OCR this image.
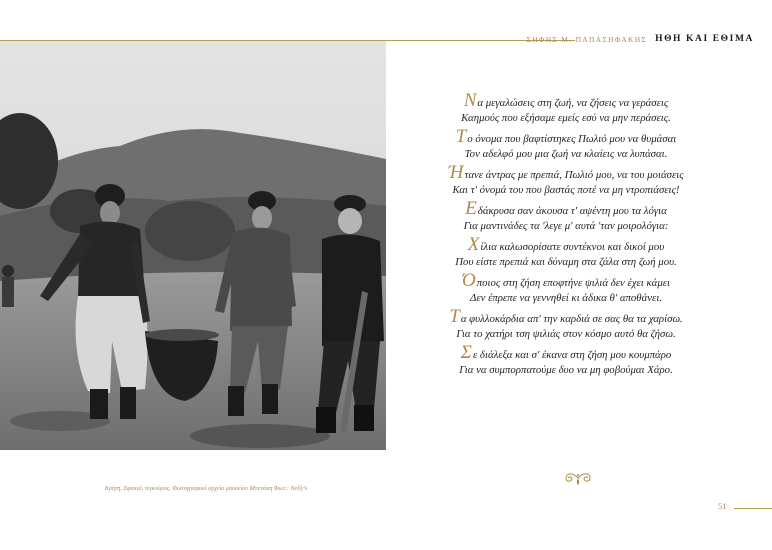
ΣΗΦΗΣ Μ. ΠΑΠΑΣΗΦΑΚΗΣ ΗΘΗ ΚΑΙ ΕΘΙΜΑ
Κρήτη, Σφακιά, τεγκούρος. Φωτογραφικό αρχείο μουσείου Μπενάκη Φωτ.: Nelly's
Να μεγαλώσεις στη ζωή, να ζήσεις να γεράσεις
Καημούς που εξήσαμε εμείς εσύ να μην περάσεις.
Το όνομα που βαφτίστηκες Πωλιό μου να θυμάσαι
Τον αδελφό μου μια ζωή να κλαίεις να λυπάσαι.
Ήτανε άντρας με πρεπιά, Πωλιό μου, να του μοιάσεις
Και τ' όνομά του που βαστάς ποτέ να μη ντροπιάσεις!
Εδάκρυσα σαν άκουσα τ' αψέντη μου τα λόγια
Για μαντινάδες τα 'λεγε μ' αυτά 'ταν μοιρολόγια:
Χίλια καλωσορίσατε συντέκνοι και δικοί μου
Που είστε πρεπιά και δύναμη στα ζάλα στη ζωή μου.
Όποιος στη ζήση εποφτήνε ψιλιά δεν έχει κάμει
Δεν έπρεπε να γεννηθεί κι άδικα θ' αποθάνει.
Τα φυλλοκάρδια απ' την καρδιά σε σας θα τα χαρίσω.
Για το χατήρι τση ψιλιάς στον κόσμο αυτό θα ζήσω.
Σε διάλεξα και σ' έκανα στη ζήση μου κουμπάρο
Για να συμπορπατούμε δυο να μη φοβούμαι Χάρο.
51
